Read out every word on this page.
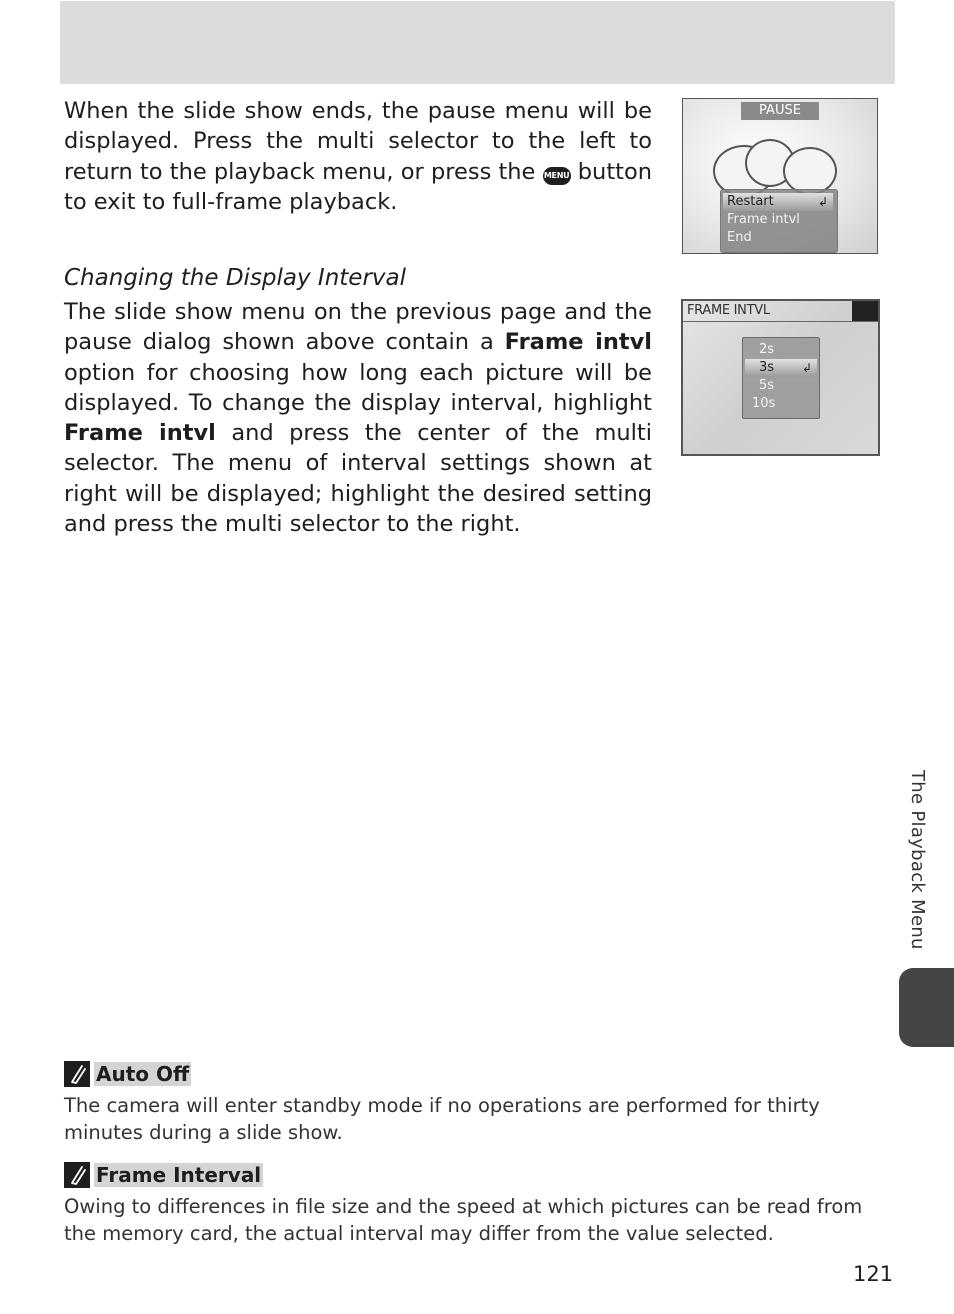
When the slide show ends, the pause menu will be displayed. Press the multi selector to the left to return to the playback menu, or press the MENU button to exit to full-frame playback.

PAUSE
Restart	↲
Frame intvl
End
Changing the Display Interval

The slide show menu on the previous page and the pause dialog shown above contain a Frame intvl option for choosing how long each picture will be displayed. To change the display interval, highlight Frame intvl and press the center of the multi selector. The menu of interval settings shown at right will be displayed; highlight the desired setting and press the multi selector to the right.

FRAME INTVL
2s
3s ↲
5s
10s
The Playback Menu
Auto Off

The camera will enter standby mode if no operations are performed for thirty minutes during a slide show.

Frame Interval

Owing to differences in file size and the speed at which pictures can be read from the memory card, the actual interval may differ from the value selected.

121
